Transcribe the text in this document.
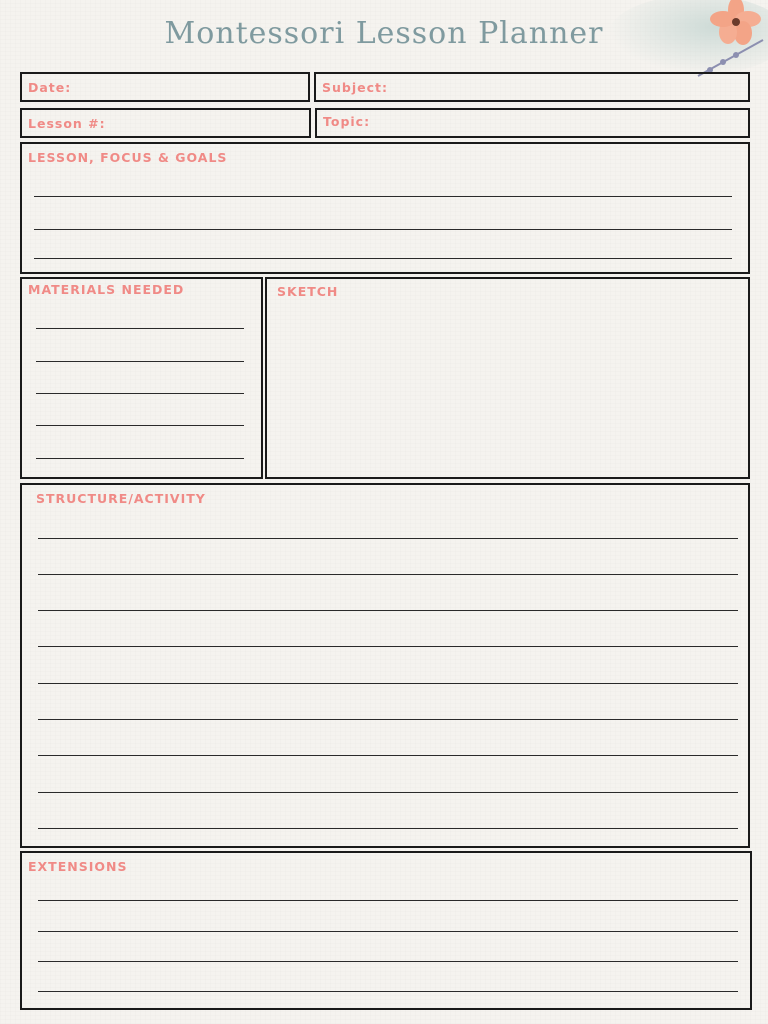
Montessori Lesson Planner
Date:	Subject:
Lesson #:	Topic:
LESSON, FOCUS & GOALS
MATERIALS NEEDED	SKETCH
STRUCTURE/ACTIVITY
EXTENSIONS
